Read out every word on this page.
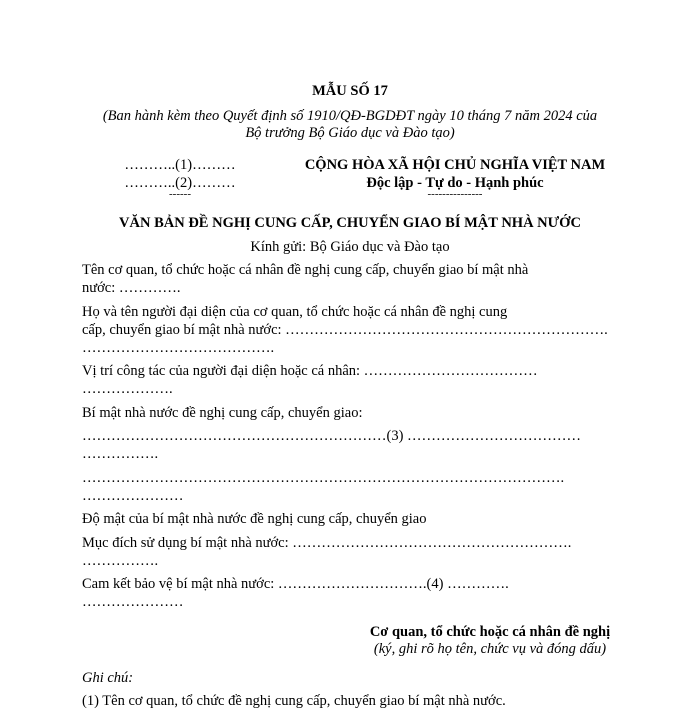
MẪU SỐ 17
(Ban hành kèm theo Quyết định số 1910/QĐ-BGDĐT ngày 10 tháng 7 năm 2024 của
Bộ trưởng Bộ Giáo dục và Đào tạo)
………..(1)………
………..(2)………
------
CỘNG HÒA XÃ HỘI CHỦ NGHĨA VIỆT NAM
Độc lập - Tự do - Hạnh phúc
---------------
VĂN BẢN ĐỀ NGHỊ CUNG CẤP, CHUYỂN GIAO BÍ MẬT NHÀ NƯỚC
Kính gửi: Bộ Giáo dục và Đào tạo
Tên cơ quan, tổ chức hoặc cá nhân đề nghị cung cấp, chuyển giao bí mật nhà
nước: ………….
Họ và tên người đại diện của cơ quan, tổ chức hoặc cá nhân đề nghị cung
cấp, chuyển giao bí mật nhà nước: ………………………………………………………….
………………………………….
Vị trí công tác của người đại diện hoặc cá nhân: ………………………………
……………….
Bí mật nhà nước đề nghị cung cấp, chuyển giao:
………………………………………………………(3) ………………………………
…………….
……………………………………………………………………………………….
…………………
Độ mật của bí mật nhà nước đề nghị cung cấp, chuyển giao
Mục đích sử dụng bí mật nhà nước: ………………………………………………….
…………….
Cam kết bảo vệ bí mật nhà nước: ………………………….(4) ………….
…………………
Cơ quan, tổ chức hoặc cá nhân đề nghị
(ký, ghi rõ họ tên, chức vụ và đóng dấu)
Ghi chú:
(1) Tên cơ quan, tổ chức đề nghị cung cấp, chuyển giao bí mật nhà nước.
